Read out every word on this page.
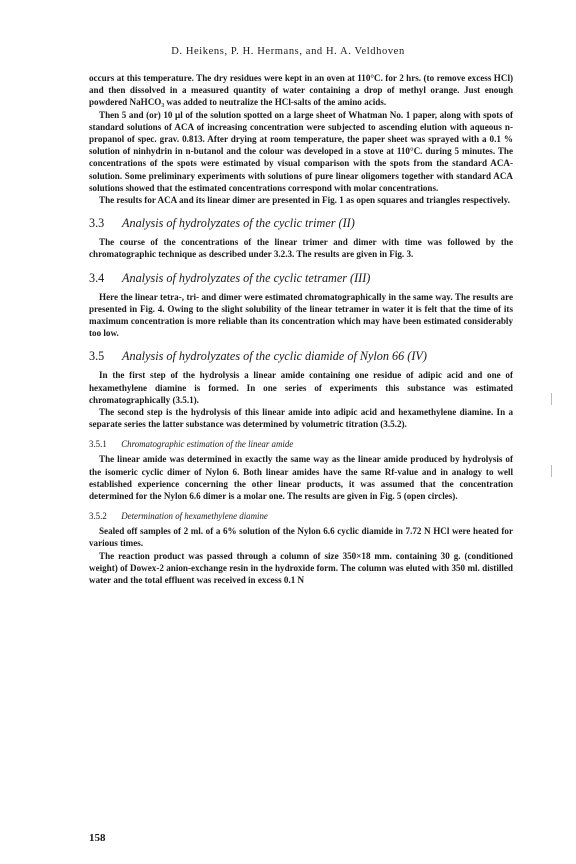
D. Heikens, P. H. Hermans, and H. A. Veldhoven

occurs at this temperature. The dry residues were kept in an oven at 110°C. for 2 hrs. (to remove excess HCl) and then dissolved in a measured quantity of water containing a drop of methyl orange. Just enough powdered NaHCO₃ was added to neutralize the HCl-salts of the amino acids.

Then 5 and (or) 10 µl of the solution spotted on a large sheet of Whatman No. 1 paper, along with spots of standard solutions of ACA of increasing concentration were subjected to ascending elution with aqueous n-propanol of spec. grav. 0.813. After drying at room temperature, the paper sheet was sprayed with a 0.1 % solution of ninhydrin in n-butanol and the colour was developed in a stove at 110°C. during 5 minutes. The concentrations of the spots were estimated by visual comparison with the spots from the standard ACA-solution. Some preliminary experiments with solutions of pure linear oligomers together with standard ACA solutions showed that the estimated concentrations correspond with molar concentrations.

The results for ACA and its linear dimer are presented in Fig. 1 as open squares and triangles respectively.

3.3 Analysis of hydrolyzates of the cyclic trimer (II)

The course of the concentrations of the linear trimer and dimer with time was followed by the chromatographic technique as described under 3.2.3. The results are given in Fig. 3.

3.4 Analysis of hydrolyzates of the cyclic tetramer (III)

Here the linear tetra-, tri- and dimer were estimated chromatographically in the same way. The results are presented in Fig. 4. Owing to the slight solubility of the linear tetramer in water it is felt that the time of its maximum concentration is more reliable than its concentration which may have been estimated considerably too low.

3.5 Analysis of hydrolyzates of the cyclic diamide of Nylon 66 (IV)

In the first step of the hydrolysis a linear amide containing one residue of adipic acid and one of hexamethylene diamine is formed. In one series of experiments this substance was estimated chromatographically (3.5.1).

The second step is the hydrolysis of this linear amide into adipic acid and hexamethylene diamine. In a separate series the latter substance was determined by volumetric titration (3.5.2).

3.5.1 Chromatographic estimation of the linear amide

The linear amide was determined in exactly the same way as the linear amide produced by hydrolysis of the isomeric cyclic dimer of Nylon 6. Both linear amides have the same Rf-value and in analogy to well established experience concerning the other linear products, it was assumed that the concentration determined for the Nylon 6.6 dimer is a molar one. The results are given in Fig. 5 (open circles).

3.5.2 Determination of hexamethylene diamine

Sealed off samples of 2 ml. of a 6% solution of the Nylon 6.6 cyclic diamide in 7.72 N HCl were heated for various times.

The reaction product was passed through a column of size 350×18 mm. containing 30 g. (conditioned weight) of Dowex-2 anion-exchange resin in the hydroxide form. The column was eluted with 350 ml. distilled water and the total effluent was received in excess 0.1 N

158
